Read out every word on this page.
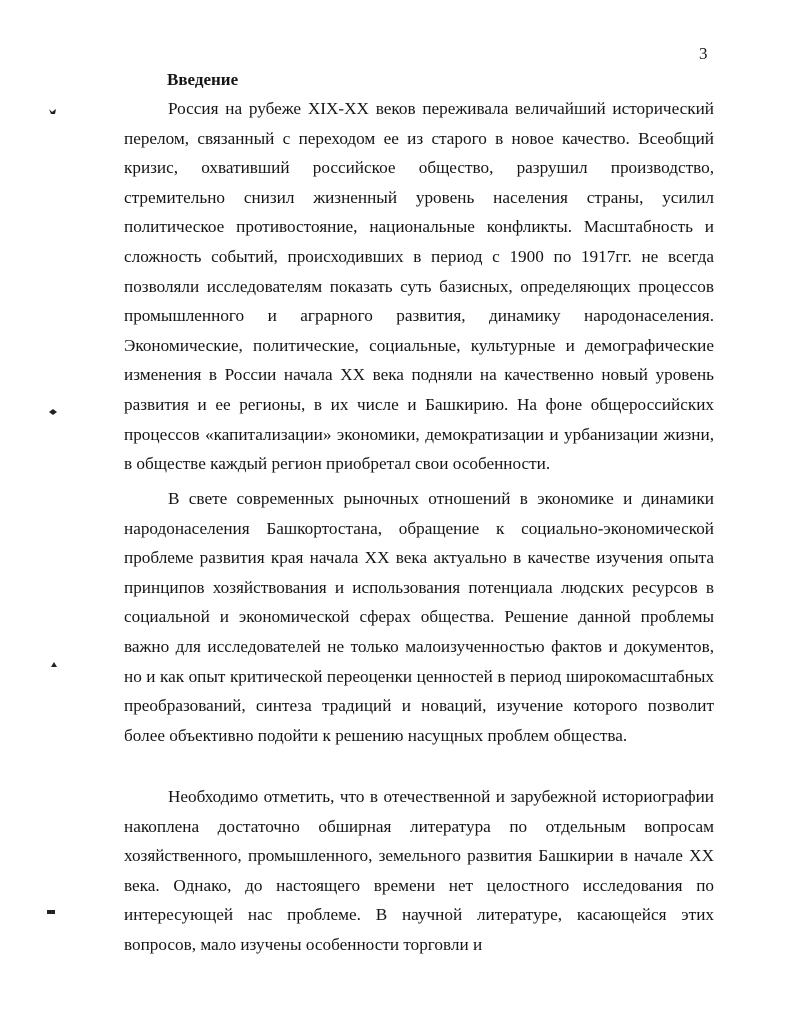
3
Введение

Россия на рубеже XIX-XX веков переживала величайший исторический перелом, связанный с переходом ее из старого в новое качество. Всеобщий кризис, охвативший российское общество, разрушил производство, стремительно снизил жизненный уровень населения страны, усилил политическое противостояние, национальные конфликты. Масштабность и сложность событий, происходивших в период с 1900 по 1917гг. не всегда позволяли исследователям показать суть базисных, определяющих процессов промышленного и аграрного развития, динамику народонаселения. Экономические, политические, социальные, культурные и демографические изменения в России начала XX века подняли на качественно новый уровень развития и ее регионы, в их числе и Башкирию. На фоне общероссийских процессов «капитализации» экономики, демократизации и урбанизации жизни, в обществе каждый регион приобретал свои особенности.

В свете современных рыночных отношений в экономике и динамики народонаселения Башкортостана, обращение к социально-экономической проблеме развития края начала XX века актуально в качестве изучения опыта принципов хозяйствования и использования потенциала людских ресурсов в социальной и экономической сферах общества. Решение данной проблемы важно для исследователей не только малоизученностью фактов и документов, но и как опыт критической переоценки ценностей в период широкомасштабных преобразований, синтеза традиций и новаций, изучение которого позволит более объективно подойти к решению насущных проблем общества.

Необходимо отметить, что в отечественной и зарубежной историографии накоплена достаточно обширная литература по отдельным вопросам хозяйственного, промышленного, земельного развития Башкирии в начале XX века. Однако, до настоящего времени нет целостного исследования по интересующей нас проблеме. В научной литературе, касающейся этих вопросов, мало изучены особенности торговли и
